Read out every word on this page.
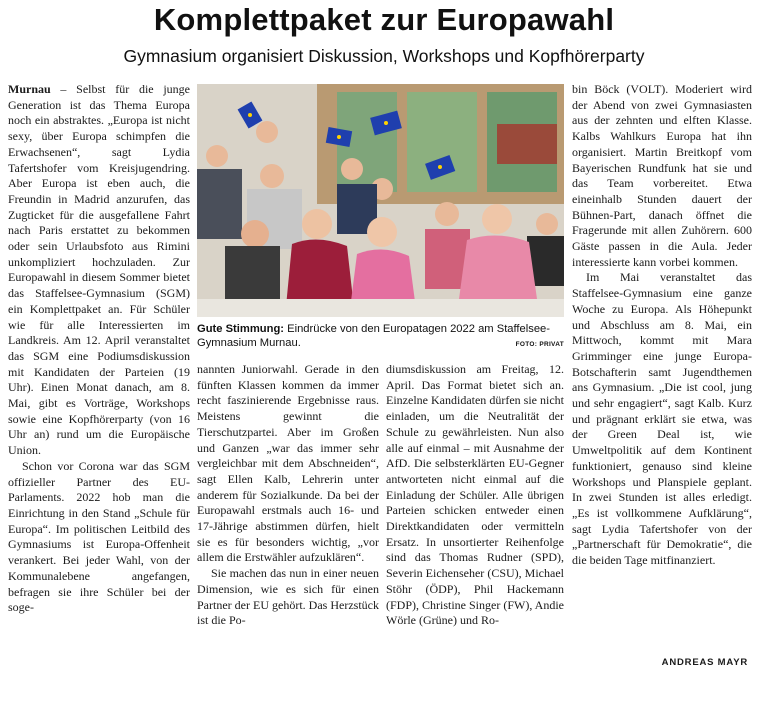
Komplettpaket zur Europawahl
Gymnasium organisiert Diskussion, Workshops und Kopfhörerparty

Murnau – Selbst für die junge Generation ist das Thema Europa noch ein abstraktes. „Europa ist nicht sexy, über Europa schimpfen die Erwachsenen“, sagt Lydia Tafertshofer vom Kreisjugendring. Aber Europa ist eben auch, die Freundin in Madrid anzurufen, das Zugticket für die ausgefallene Fahrt nach Paris erstattet zu bekommen oder sein Urlaubsfoto aus Rimini unkompliziert hochzuladen. Zur Europawahl in diesem Sommer bietet das Staffelsee-Gymnasium (SGM) ein Komplettpaket an. Für Schüler wie für alle Interessierten im Landkreis. Am 12. April veranstaltet das SGM eine Podiumsdiskussion mit Kandidaten der Parteien (19 Uhr). Einen Monat danach, am 8. Mai, gibt es Vorträge, Workshops sowie eine Kopfhörerparty (von 16 Uhr an) rund um die Europäische Union.

Schon vor Corona war das SGM offizieller Partner des EU-Parlaments. 2022 hob man die Einrichtung in den Stand „Schule für Europa“. Im politischen Leitbild des Gymnasiums ist Europa-Offenheit verankert. Bei jeder Wahl, von der Kommunalebene angefangen, befragen sie ihre Schüler bei der soge-

Gute Stimmung: Eindrücke von den Europatagen 2022 am Staffelsee-Gymnasium Murnau.	FOTO: PRIVAT

nannten Juniorwahl. Gerade in den fünften Klassen kommen da immer recht faszinierende Ergebnisse raus. Meistens gewinnt die Tierschutzpartei. Aber im Großen und Ganzen „war das immer sehr vergleichbar mit dem Abschneiden“, sagt Ellen Kalb, Lehrerin unter anderem für Sozialkunde. Da bei der Europawahl erstmals auch 16- und 17-Jährige abstimmen dürfen, hielt sie es für besonders wichtig, „vor allem die Erstwähler aufzuklären“.

Sie machen das nun in einer neuen Dimension, wie es sich für einen Partner der EU gehört. Das Herzstück ist die Po-

diumsdiskussion am Freitag, 12. April. Das Format bietet sich an. Einzelne Kandidaten dürfen sie nicht einladen, um die Neutralität der Schule zu gewährleisten. Nun also alle auf einmal – mit Ausnahme der AfD. Die selbsterklärten EU-Gegner antworteten nicht einmal auf die Einladung der Schüler. Alle übrigen Parteien schicken entweder einen Direktkandidaten oder vermitteln Ersatz. In unsortierter Reihenfolge sind das Thomas Rudner (SPD), Severin Eichenseher (CSU), Michael Stöhr (ÖDP), Phil Hackemann (FDP), Christine Singer (FW), Andie Wörle (Grüne) und Ro-

bin Böck (VOLT). Moderiert wird der Abend von zwei Gymnasiasten aus der zehnten und elften Klasse. Kalbs Wahlkurs Europa hat ihn organisiert. Martin Breitkopf vom Bayerischen Rundfunk hat sie und das Team vorbereitet. Etwa eineinhalb Stunden dauert der Bühnen-Part, danach öffnet die Fragerunde mit allen Zuhörern. 600 Gäste passen in die Aula. Jeder interessierte kann vorbei kommen.

Im Mai veranstaltet das Staffelsee-Gymnasium eine ganze Woche zu Europa. Als Höhepunkt und Abschluss am 8. Mai, ein Mittwoch, kommt mit Mara Grimminger eine junge Europa-Botschafterin samt Jugendthemen ans Gymnasium. „Die ist cool, jung und sehr engagiert“, sagt Kalb. Kurz und prägnant erklärt sie etwa, was der Green Deal ist, wie Umweltpolitik auf dem Kontinent funktioniert, genauso sind kleine Workshops und Planspiele geplant. In zwei Stunden ist alles erledigt. „Es ist vollkommene Aufklärung“, sagt Lydia Tafertshofer von der „Partnerschaft für Demokratie“, die die beiden Tage mitfinanziert.

ANDREAS MAYR
